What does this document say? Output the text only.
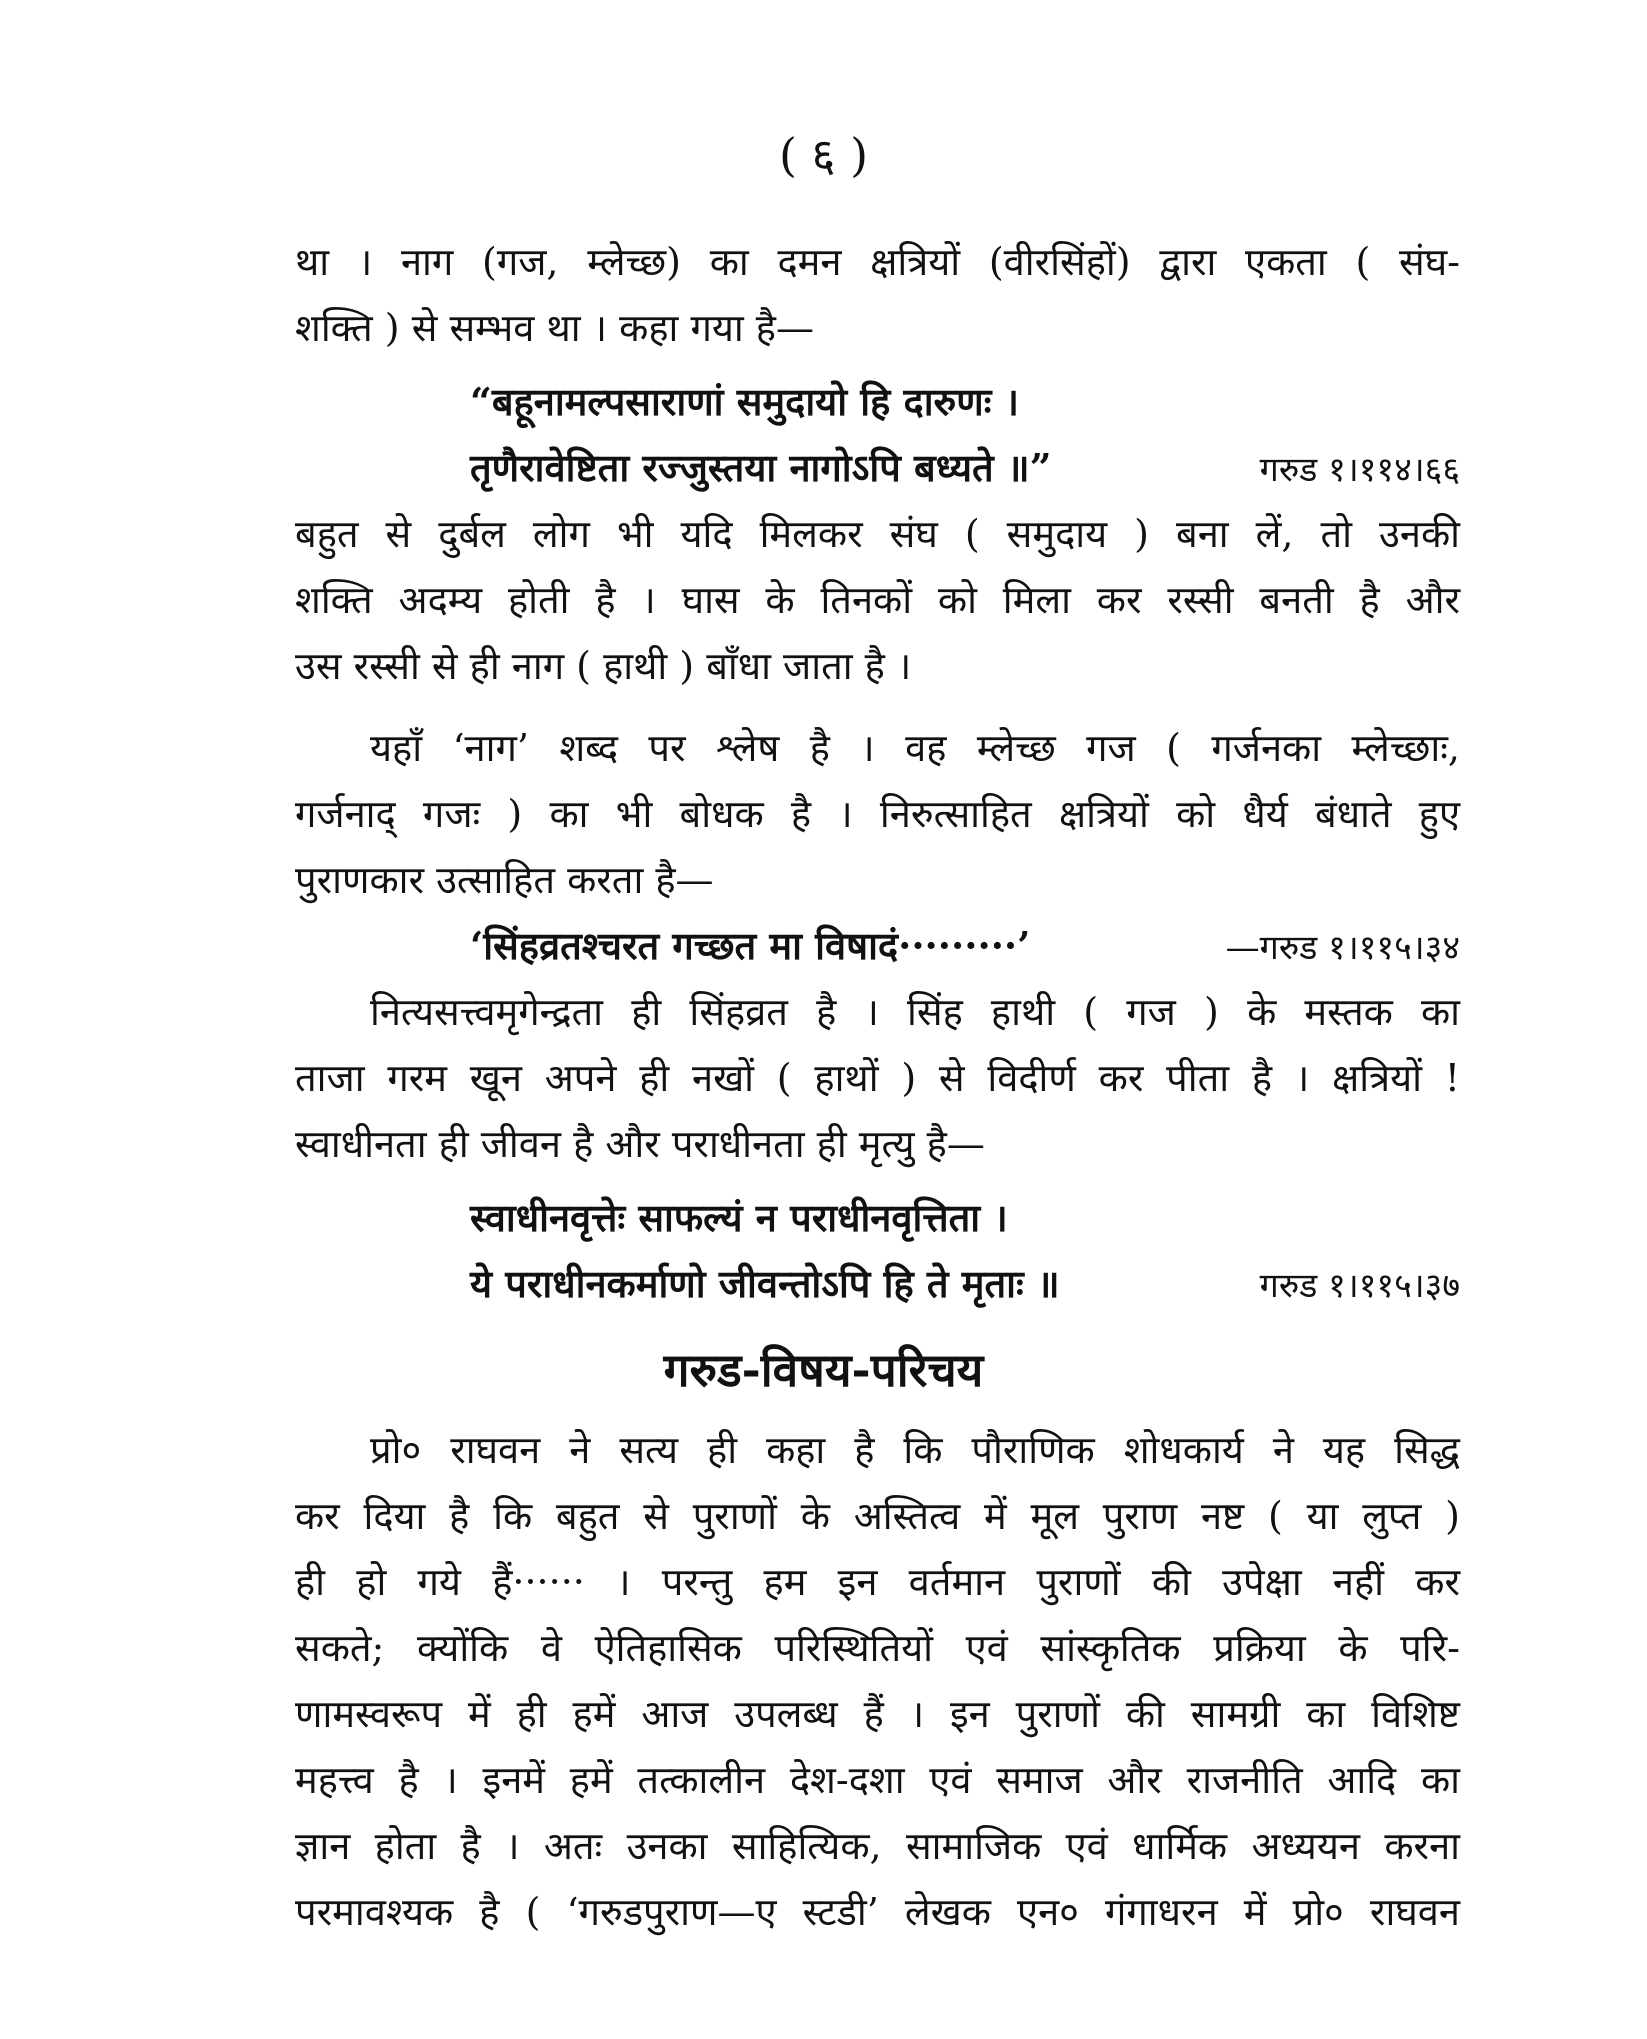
( ६ )
था । नाग (गज, म्लेच्छ) का दमन क्षत्रियों (वीरसिंहों) द्वारा एकता ( संघ-
शक्ति ) से सम्भव था । कहा गया है—
“बहूनामल्पसाराणां समुदायो हि दारुणः ।
तृणैरावेष्टिता रज्जुस्तया नागोऽपि बध्यते ॥”	गरुड १।११४।६६
बहुत से दुर्बल लोग भी यदि मिलकर संघ ( समुदाय ) बना लें, तो उनकी
शक्ति अदम्य होती है । घास के तिनकों को मिला कर रस्सी बनती है और
उस रस्सी से ही नाग ( हाथी ) बाँधा जाता है ।
यहाँ ‘नाग’ शब्द पर श्लेष है । वह म्लेच्छ गज ( गर्जनका म्लेच्छाः,
गर्जनाद् गजः ) का भी बोधक है । निरुत्साहित क्षत्रियों को धैर्य बंधाते हुए
पुराणकार उत्साहित करता है—
‘सिंहव्रतश्चरत गच्छत मा विषादं·········’	—गरुड १।११५।३४
नित्यसत्त्वमृगेन्द्रता ही सिंहव्रत है । सिंह हाथी ( गज ) के मस्तक का
ताजा गरम खून अपने ही नखों ( हाथों ) से विदीर्ण कर पीता है । क्षत्रियों !
स्वाधीनता ही जीवन है और पराधीनता ही मृत्यु है—
स्वाधीनवृत्तेः साफल्यं न पराधीनवृत्तिता ।
ये पराधीनकर्माणो जीवन्तोऽपि हि ते मृताः ॥	गरुड १।११५।३७
गरुड-विषय-परिचय
प्रो० राघवन ने सत्य ही कहा है कि पौराणिक शोधकार्य ने यह सिद्ध
कर दिया है कि बहुत से पुराणों के अस्तित्व में मूल पुराण नष्ट ( या लुप्त )
ही हो गये हैं······ । परन्तु हम इन वर्तमान पुराणों की उपेक्षा नहीं कर
सकते; क्योंकि वे ऐतिहासिक परिस्थितियों एवं सांस्कृतिक प्रक्रिया के परि-
णामस्वरूप में ही हमें आज उपलब्ध हैं । इन पुराणों की सामग्री का विशिष्ट
महत्त्व है । इनमें हमें तत्कालीन देश-दशा एवं समाज और राजनीति आदि का
ज्ञान होता है । अतः उनका साहित्यिक, सामाजिक एवं धार्मिक अध्ययन करना
परमावश्यक है ( ‘गरुडपुराण—ए स्टडी’ लेखक एन० गंगाधरन में प्रो० राघवन
